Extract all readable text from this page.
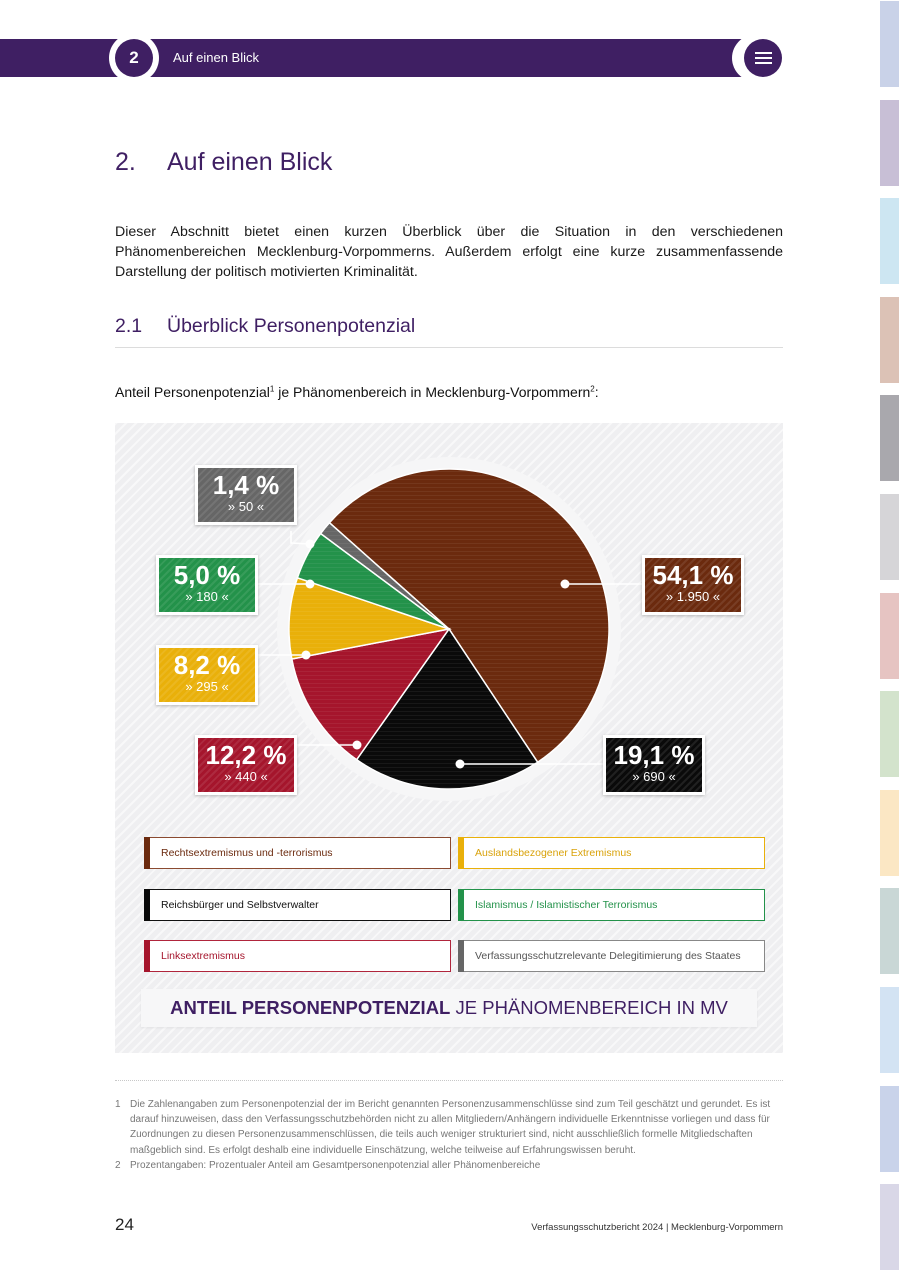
2	Auf einen Blick
2. Auf einen Blick
Dieser Abschnitt bietet einen kurzen Überblick über die Situation in den verschiedenen Phänomenbereichen Mecklenburg-Vorpommerns. Außerdem erfolgt eine kurze zusammenfassende Darstellung der politisch motivierten Kriminalität.
2.1 Überblick Personenpotenzial
Anteil Personenpotenzial$^1$ je Phänomenbereich in Mecklenburg-Vorpommern$^2$:
54,1 %
» 1.950 «
19,1 %
» 690 «
12,2 %
» 440 «
8,2 %
» 295 «
5,0 %
» 180 «
1,4 %
» 50 «
Rechtsextremismus und -terrorismus	Auslandsbezogener Extremismus
Reichsbürger und Selbstverwalter	Islamismus / Islamistischer Terrorismus
Linksextremismus	Verfassungsschutzrelevante Delegitimierung des Staates
ANTEIL PERSONENPOTENZIAL JE PHÄNOMENBEREICH IN MV
1 Die Zahlenangaben zum Personenpotenzial der im Bericht genannten Personenzusammenschlüsse sind zum Teil geschätzt und gerundet. Es ist darauf hinzuweisen, dass den Verfassungsschutzbehörden nicht zu allen Mitgliedern/Anhängern individuelle Erkenntnisse vorliegen und dass für Zuordnungen zu diesen Personenzusammenschlüssen, die teils auch weniger strukturiert sind, nicht ausschließlich formelle Mitgliedschaften maßgeblich sind. Es erfolgt deshalb eine individuelle Einschätzung, welche teilweise auf Erfahrungswissen beruht.
2 Prozentangaben: Prozentualer Anteil am Gesamtpersonenpotenzial aller Phänomenbereiche
24	Verfassungsschutzbericht 2024 | Mecklenburg-Vorpommern
